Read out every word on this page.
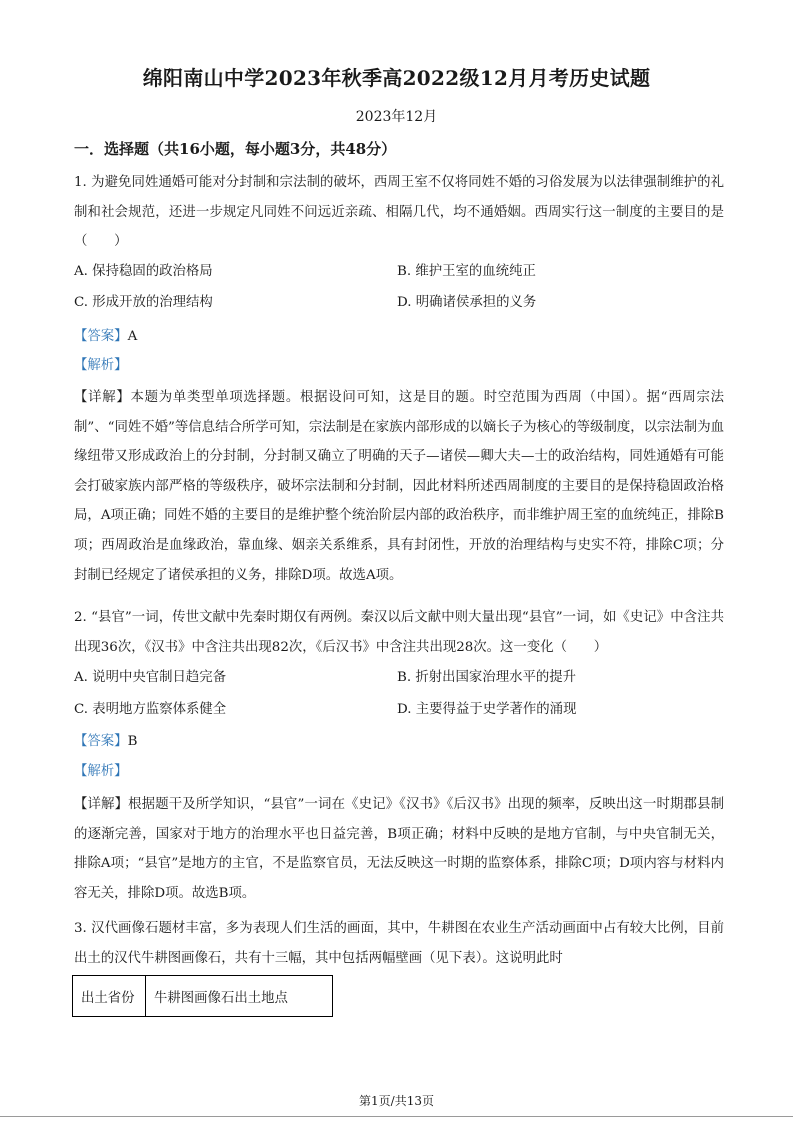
绵阳南山中学2023年秋季高2022级12月月考历史试题
2023年12月
一．选择题（共16小题，每小题3分，共48分）
1. 为避免同姓通婚可能对分封制和宗法制的破坏，西周王室不仅将同姓不婚的习俗发展为以法律强制维护的礼制和社会规范，还进一步规定凡同姓不问远近亲疏、相隔几代，均不通婚姻。西周实行这一制度的主要目的是（　　）
A. 保持稳固的政治格局	B. 维护王室的血统纯正
C. 形成开放的治理结构	D. 明确诸侯承担的义务
【答案】A
【解析】
【详解】本题为单类型单项选择题。根据设问可知，这是目的题。时空范围为西周（中国）。据“西周宗法制”、“同姓不婚”等信息结合所学可知，宗法制是在家族内部形成的以嫡长子为核心的等级制度，以宗法制为血缘纽带又形成政治上的分封制，分封制又确立了明确的天子—诸侯—卿大夫—士的政治结构，同姓通婚有可能会打破家族内部严格的等级秩序，破坏宗法制和分封制，因此材料所述西周制度的主要目的是保持稳固政治格局，A项正确；同姓不婚的主要目的是维护整个统治阶层内部的政治秩序，而非维护周王室的血统纯正，排除B项；西周政治是血缘政治，靠血缘、姻亲关系维系，具有封闭性，开放的治理结构与史实不符，排除C项；分封制已经规定了诸侯承担的义务，排除D项。故选A项。
2. “县官”一词，传世文献中先秦时期仅有两例。秦汉以后文献中则大量出现“县官”一词，如《史记》中含注共出现36次，《汉书》中含注共出现82次，《后汉书》中含注共出现28次。这一变化（　　）
A. 说明中央官制日趋完备	B. 折射出国家治理水平的提升
C. 表明地方监察体系健全	D. 主要得益于史学著作的涌现
【答案】B
【解析】
【详解】根据题干及所学知识，“县官”一词在《史记》《汉书》《后汉书》出现的频率，反映出这一时期郡县制的逐渐完善，国家对于地方的治理水平也日益完善，B项正确；材料中反映的是地方官制，与中央官制无关，排除A项；“县官”是地方的主官，不是监察官员，无法反映这一时期的监察体系，排除C项；D项内容与材料内容无关，排除D项。故选B项。
3. 汉代画像石题材丰富，多为表现人们生活的画面，其中，牛耕图在农业生产活动画面中占有较大比例，目前出土的汉代牛耕图画像石，共有十三幅，其中包括两幅壁画（见下表）。这说明此时
出土省份	牛耕图画像石出土地点
第1页/共13页
